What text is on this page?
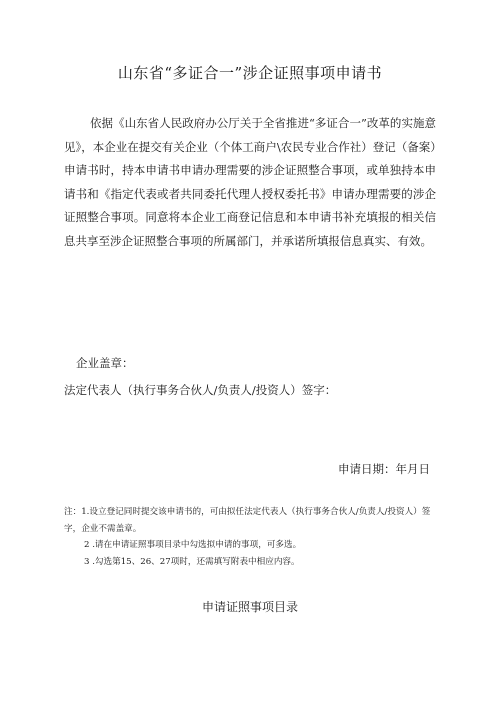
山东省“多证合一”涉企证照事项申请书
依据《山东省人民政府办公厅关于全省推进“多证合一”改革的实施意见》，本企业在提交有关企业（个体工商户\农民专业合作社）登记（备案）申请书时，持本申请书申请办理需要的涉企证照整合事项，或单独持本申请书和《指定代表或者共同委托代理人授权委托书》申请办理需要的涉企证照整合事项。同意将本企业工商登记信息和本申请书补充填报的相关信息共享至涉企证照整合事项的所属部门，并承诺所填报信息真实、有效。
企业盖章：
法定代表人（执行事务合伙人/负责人/投资人）签字：
申请日期：年月日

注：1.设立登记同时提交该申请书的，可由拟任法定代表人（执行事务合伙人/负责人/投资人）签字，企业不需盖章。

2 .请在申请证照事项目录中勾选拟申请的事项，可多选。

3 .勾选第15、26、27项时，还需填写附表中相应内容。

申请证照事项目录
